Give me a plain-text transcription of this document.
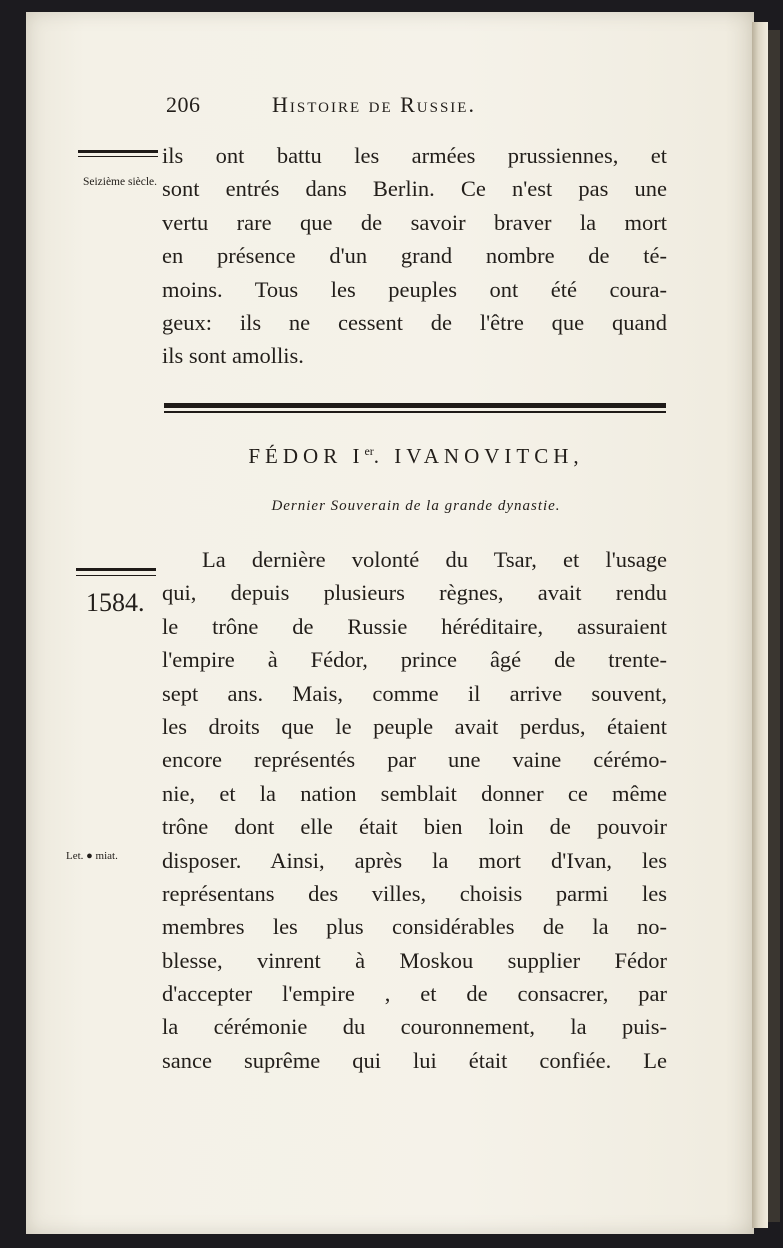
206	Histoire de Russie.
Seizième siècle.
ils ont battu les armées prussiennes, et
sont entrés dans Berlin. Ce n'est pas une
vertu rare que de savoir braver la mort
en présence d'un grand nombre de té-
moins. Tous les peuples ont été coura-
geux: ils ne cessent de l'être que quand
ils sont amollis.
FÉDOR Ier. IVANOVITCH,
Dernier Souverain de la grande dynastie.
1584.
La dernière volonté du Tsar, et l'usage
qui, depuis plusieurs règnes, avait rendu
le trône de Russie héréditaire, assuraient
l'empire à Fédor, prince âgé de trente-
sept ans. Mais, comme il arrive souvent,
les droits que le peuple avait perdus, étaient
encore représentés par une vaine cérémo-
nie, et la nation semblait donner ce même
trône dont elle était bien loin de pouvoir
disposer. Ainsi, après la mort d'Ivan, les
représentans des villes, choisis parmi les
membres les plus considérables de la no-
blesse, vinrent à Moskou supplier Fédor
d'accepter l'empire , et de consacrer, par
la cérémonie du couronnement, la puis-
sance suprême qui lui était confiée. Le
Let. ● miat.
